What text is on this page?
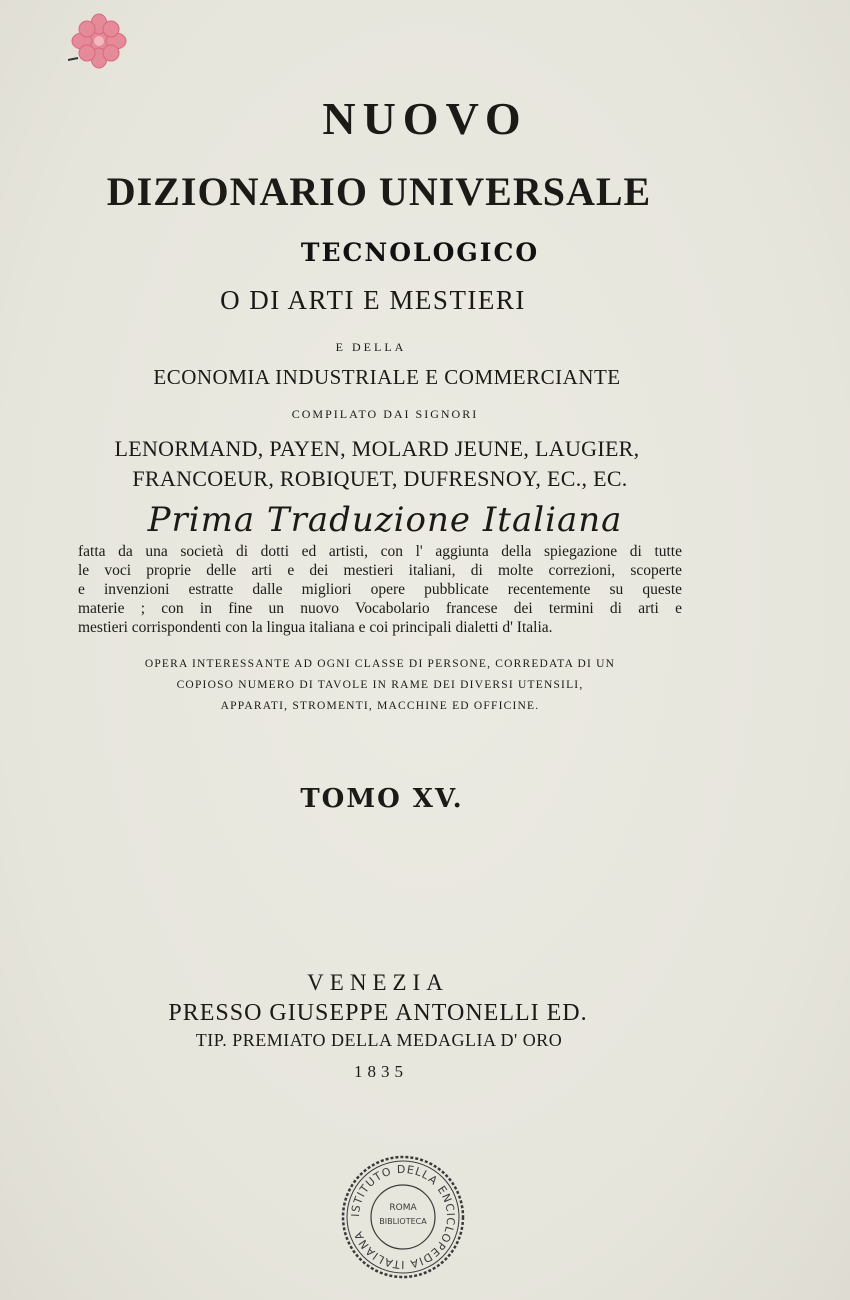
NUOVO
DIZIONARIO UNIVERSALE
TECNOLOGICO
O DI ARTI E MESTIERI
E DELLA
ECONOMIA INDUSTRIALE E COMMERCIANTE
COMPILATO DAI SIGNORI
LENORMAND, PAYEN, MOLARD JEUNE, LAUGIER,
FRANCOEUR, ROBIQUET, DUFRESNOY, EC., EC.
Prima Traduzione Italiana
fatta da una società di dotti ed artisti, con l' aggiunta della spiegazione di tutte
le voci proprie delle arti e dei mestieri italiani, di molte correzioni, scoperte
e invenzioni estratte dalle migliori opere pubblicate recentemente su queste
materie ; con in fine un nuovo Vocabolario francese dei termini di arti e
mestieri corrispondenti con la lingua italiana e coi principali dialetti d' Italia.
OPERA INTERESSANTE AD OGNI CLASSE DI PERSONE, CORREDATA DI UN
COPIOSO NUMERO DI TAVOLE IN RAME DEI DIVERSI UTENSILI,
APPARATI, STROMENTI, MACCHINE ED OFFICINE.
TOMO XV.
VENEZIA
PRESSO GIUSEPPE ANTONELLI ED.
TIP. PREMIATO DELLA MEDAGLIA D' ORO
1835
ISTITUTO DELLA ENCICLOPEDIA ITALIANA
ROMA
BIBLIOTECA
